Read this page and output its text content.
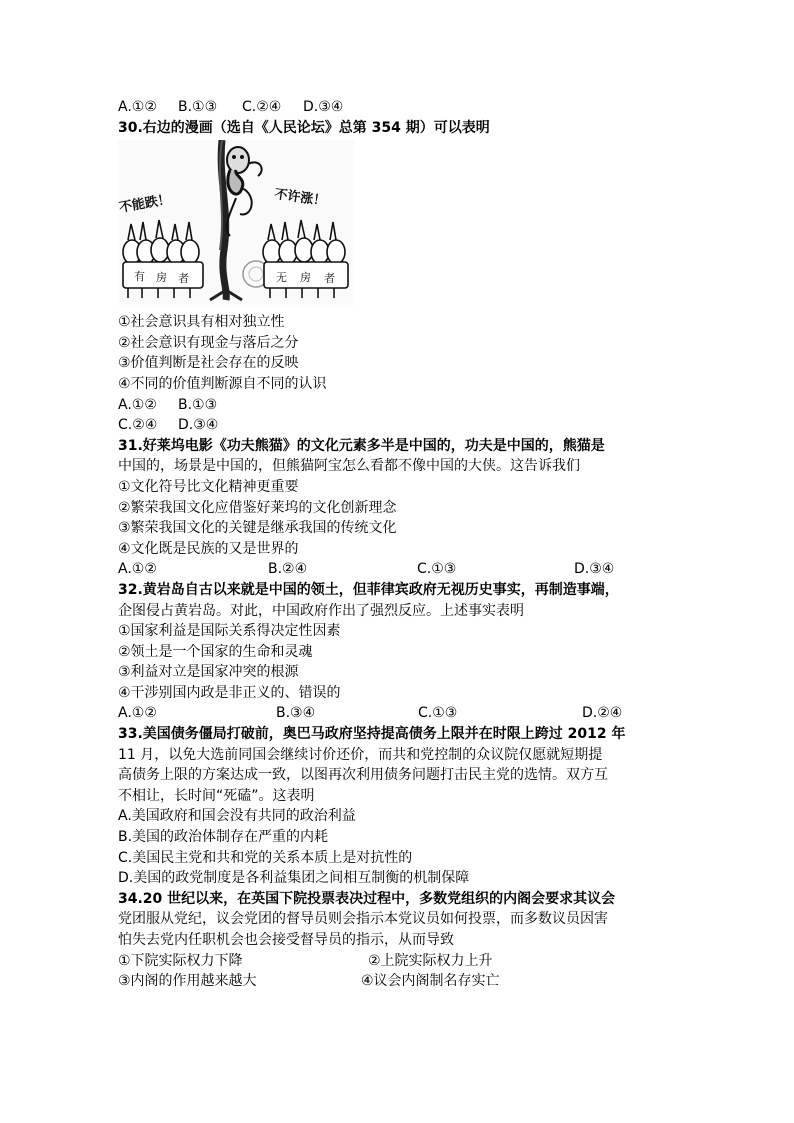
A.①② B.①③ C.②④ D.③④
30.右边的漫画（选自《人民论坛》总第 354 期）可以表明
不能跌！	不许涨！
有 房 者	无 房 者
①社会意识具有相对独立性
②社会意识有现金与落后之分
③价值判断是社会存在的反映
④不同的价值判断源自不同的认识
A.①② B.①③
C.②④ D.③④
31.好莱坞电影《功夫熊猫》的文化元素多半是中国的，功夫是中国的，熊猫是
中国的，场景是中国的，但熊猫阿宝怎么看都不像中国的大侠。这告诉我们
①文化符号比文化精神更重要
②繁荣我国文化应借鉴好莱坞的文化创新理念
③繁荣我国文化的关键是继承我国的传统文化
④文化既是民族的又是世界的
A.①②	B.②④	C.①③	D.③④
32.黄岩岛自古以来就是中国的领土，但菲律宾政府无视历史事实，再制造事端，
企图侵占黄岩岛。对此，中国政府作出了强烈反应。上述事实表明
①国家利益是国际关系得决定性因素
②领土是一个国家的生命和灵魂
③利益对立是国家冲突的根源
④干涉别国内政是非正义的、错误的
A.①②	B.③④	C.①③	D.②④
33.美国债务僵局打破前，奥巴马政府坚持提高债务上限并在时限上跨过 2012 年
11 月，以免大选前同国会继续讨价还价，而共和党控制的众议院仅愿就短期提
高债务上限的方案达成一致，以图再次利用债务问题打击民主党的选情。双方互
不相让，长时间“死磕”。这表明
A.美国政府和国会没有共同的政治利益
B.美国的政治体制存在严重的内耗
C.美国民主党和共和党的关系本质上是对抗性的
D.美国的政党制度是各利益集团之间相互制衡的机制保障
34.20 世纪以来，在英国下院投票表决过程中，多数党组织的内阁会要求其议会
党团服从党纪，议会党团的督导员则会指示本党议员如何投票，而多数议员因害
怕失去党内任职机会也会接受督导员的指示，从而导致
①下院实际权力下降	②上院实际权力上升
③内阁的作用越来越大	④议会内阁制名存实亡
